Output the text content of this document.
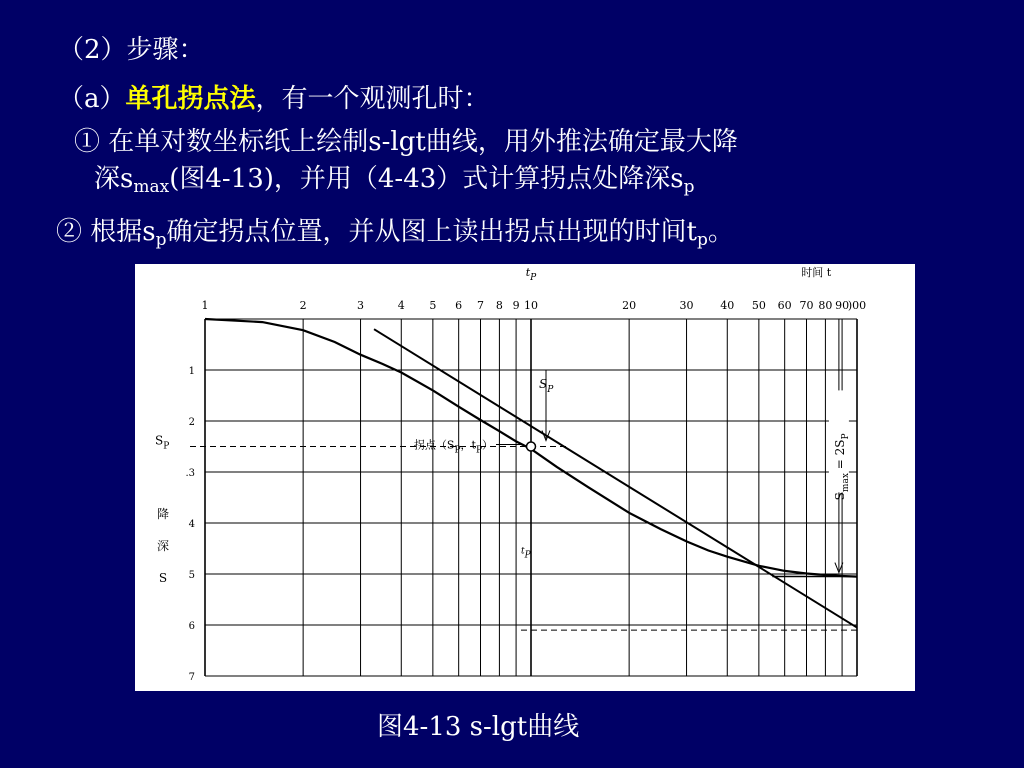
（2）步骤：
（a）单孔拐点法，有一个观测孔时：
① 在单对数坐标纸上绘制s-lgt曲线，用外推法确定最大降
深$s_{max}$(图4-13)，并用（4-43）式计算拐点处降深$s_p$
② 根据$s_p$确定拐点位置，并从图上读出拐点出现的时间$t_p$。
1	2	3	4 5 6 7 8 9 10	20	30 40 50 60 70 80 90
)00
1
2
.3
4
5
6
7
时间 t
降
深
S
$t_P$
$S_P$
$S_P$
tP
$S_{max} = 2S_P$
拐点（$S_P$，$t_P$）
图4-13 s-lgt曲线
